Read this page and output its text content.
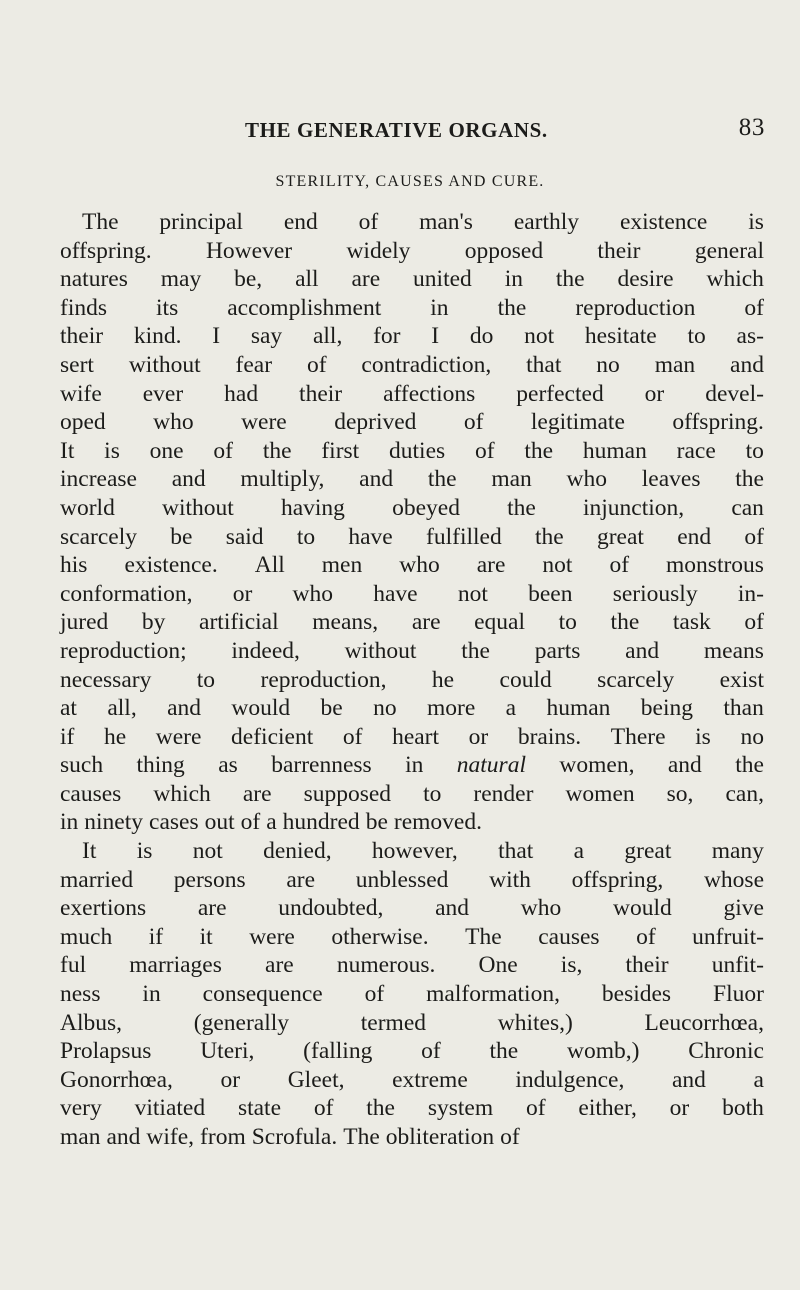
THE GENERATIVE ORGANS.	83
STERILITY, CAUSES AND CURE.
The principal end of man's earthly existence is
offspring. However widely opposed their general
natures may be, all are united in the desire which
finds its accomplishment in the reproduction of
their kind. I say all, for I do not hesitate to as-
sert without fear of contradiction, that no man and
wife ever had their affections perfected or devel-
oped who were deprived of legitimate offspring.
It is one of the first duties of the human race to
increase and multiply, and the man who leaves the
world without having obeyed the injunction, can
scarcely be said to have fulfilled the great end of
his existence. All men who are not of monstrous
conformation, or who have not been seriously in-
jured by artificial means, are equal to the task of
reproduction; indeed, without the parts and means
necessary to reproduction, he could scarcely exist
at all, and would be no more a human being than
if he were deficient of heart or brains. There is no
such thing as barrenness in natural women, and the
causes which are supposed to render women so, can,
in ninety cases out of a hundred be removed.
It is not denied, however, that a great many
married persons are unblessed with offspring, whose
exertions are undoubted, and who would give
much if it were otherwise. The causes of unfruit-
ful marriages are numerous. One is, their unfit-
ness in consequence of malformation, besides Fluor
Albus,	(generally	termed	whites,)	Leucorrhœa,
Prolapsus Uteri, (falling of the womb,) Chronic
Gonorrhœa, or Gleet, extreme indulgence, and a
very vitiated state of the system of either, or both
man and wife, from Scrofula. The obliteration of
